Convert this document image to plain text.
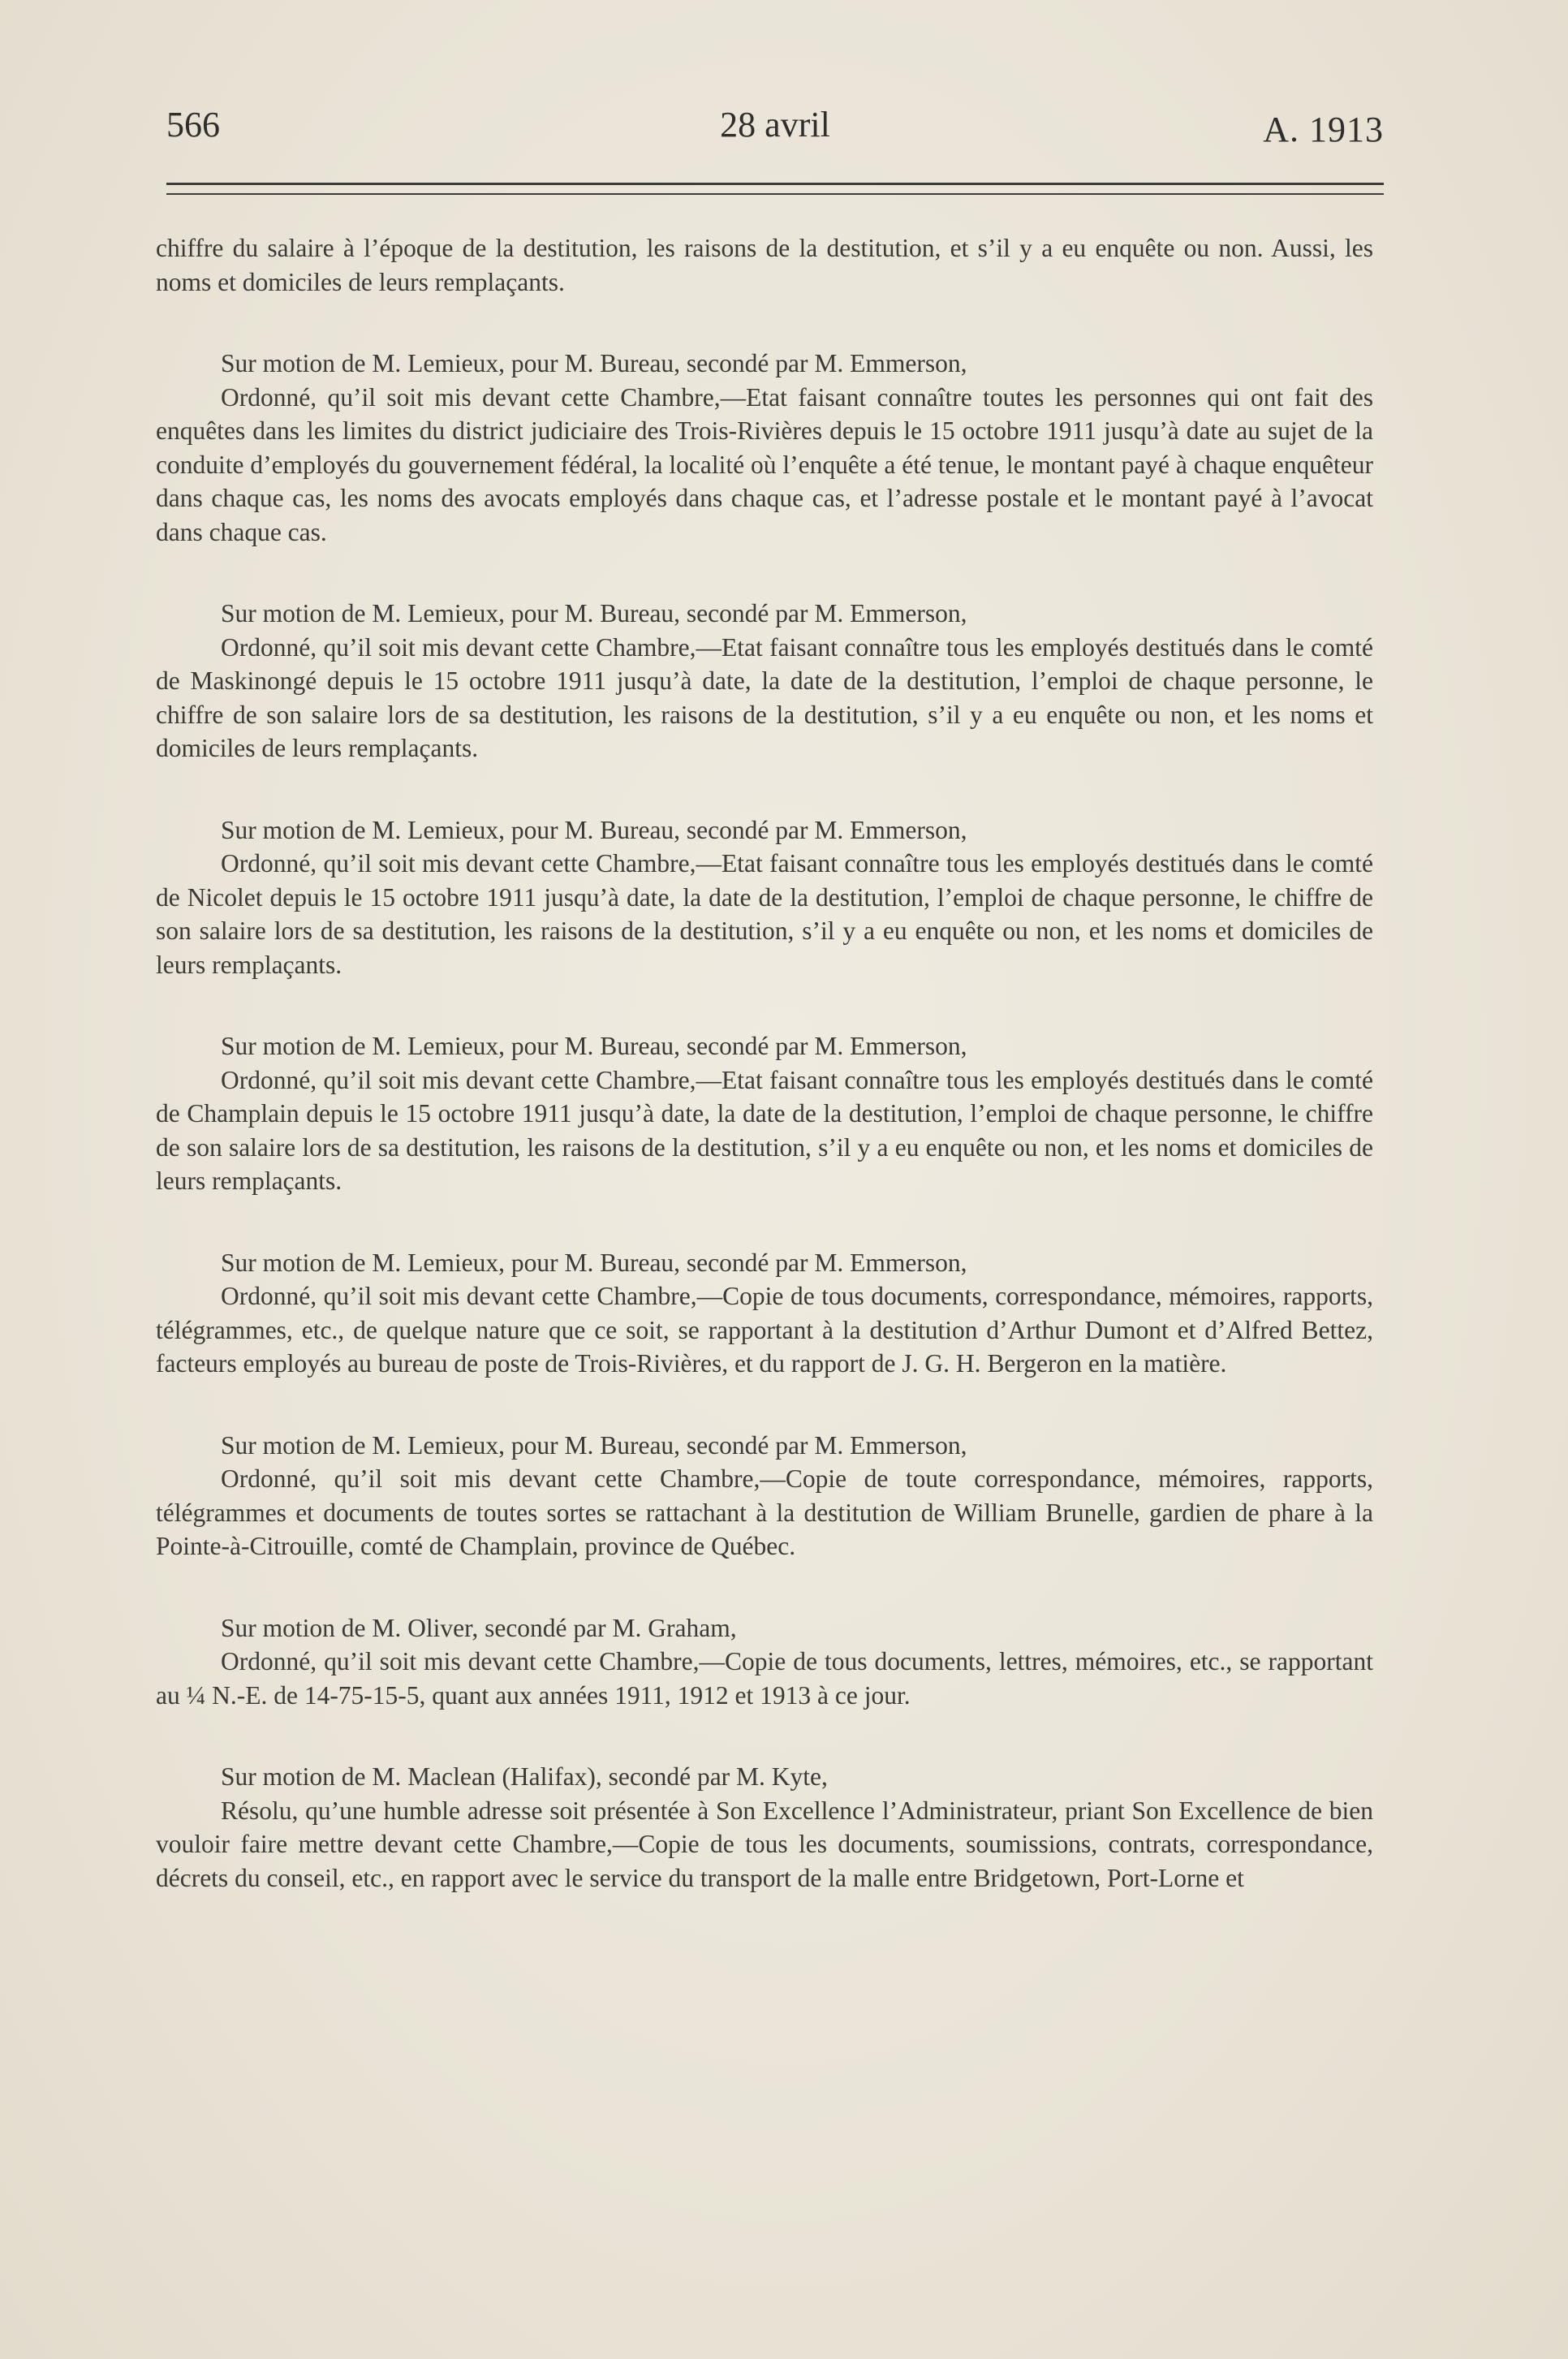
566	28 avril	A. 1913

chiffre du salaire à l’époque de la destitution, les raisons de la destitution, et s’il y a eu enquête ou non. Aussi, les noms et domiciles de leurs remplaçants.

Sur motion de M. Lemieux, pour M. Bureau, secondé par M. Emmerson,

Ordonné, qu’il soit mis devant cette Chambre,—Etat faisant connaître toutes les personnes qui ont fait des enquêtes dans les limites du district judiciaire des Trois-Rivières depuis le 15 octobre 1911 jusqu’à date au sujet de la conduite d’employés du gouvernement fédéral, la localité où l’enquête a été tenue, le montant payé à chaque enquêteur dans chaque cas, les noms des avocats employés dans chaque cas, et l’adresse postale et le montant payé à l’avocat dans chaque cas.

Sur motion de M. Lemieux, pour M. Bureau, secondé par M. Emmerson,

Ordonné, qu’il soit mis devant cette Chambre,—Etat faisant connaître tous les employés destitués dans le comté de Maskinongé depuis le 15 octobre 1911 jusqu’à date, la date de la destitution, l’emploi de chaque personne, le chiffre de son salaire lors de sa destitution, les raisons de la destitution, s’il y a eu enquête ou non, et les noms et domiciles de leurs remplaçants.

Sur motion de M. Lemieux, pour M. Bureau, secondé par M. Emmerson,

Ordonné, qu’il soit mis devant cette Chambre,—Etat faisant connaître tous les employés destitués dans le comté de Nicolet depuis le 15 octobre 1911 jusqu’à date, la date de la destitution, l’emploi de chaque personne, le chiffre de son salaire lors de sa destitution, les raisons de la destitution, s’il y a eu enquête ou non, et les noms et domiciles de leurs remplaçants.

Sur motion de M. Lemieux, pour M. Bureau, secondé par M. Emmerson,

Ordonné, qu’il soit mis devant cette Chambre,—Etat faisant connaître tous les employés destitués dans le comté de Champlain depuis le 15 octobre 1911 jusqu’à date, la date de la destitution, l’emploi de chaque personne, le chiffre de son salaire lors de sa destitution, les raisons de la destitution, s’il y a eu enquête ou non, et les noms et domiciles de leurs remplaçants.

Sur motion de M. Lemieux, pour M. Bureau, secondé par M. Emmerson,

Ordonné, qu’il soit mis devant cette Chambre,—Copie de tous documents, correspondance, mémoires, rapports, télégrammes, etc., de quelque nature que ce soit, se rapportant à la destitution d’Arthur Dumont et d’Alfred Bettez, facteurs employés au bureau de poste de Trois-Rivières, et du rapport de J. G. H. Bergeron en la matière.

Sur motion de M. Lemieux, pour M. Bureau, secondé par M. Emmerson,

Ordonné, qu’il soit mis devant cette Chambre,—Copie de toute correspondance, mémoires, rapports, télégrammes et documents de toutes sortes se rattachant à la destitution de William Brunelle, gardien de phare à la Pointe-à-Citrouille, comté de Champlain, province de Québec.

Sur motion de M. Oliver, secondé par M. Graham,

Ordonné, qu’il soit mis devant cette Chambre,—Copie de tous documents, lettres, mémoires, etc., se rapportant au ¼ N.-E. de 14-75-15-5, quant aux années 1911, 1912 et 1913 à ce jour.

Sur motion de M. Maclean (Halifax), secondé par M. Kyte,

Résolu, qu’une humble adresse soit présentée à Son Excellence l’Administrateur, priant Son Excellence de bien vouloir faire mettre devant cette Chambre,—Copie de tous les documents, soumissions, contrats, correspondance, décrets du conseil, etc., en rapport avec le service du transport de la malle entre Bridgetown, Port-Lorne et
